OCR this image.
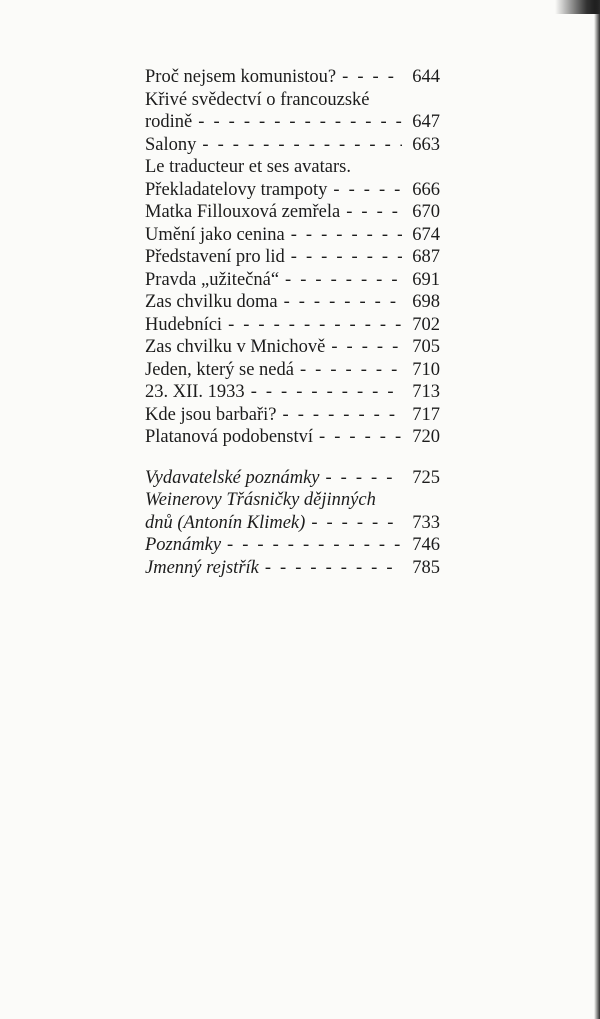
Proč nejsem komunistou? - - -	644
Křivé svědectví o francouzské
rodině - - -	647
Salony - - -	663
Le traducteur et ses avatars.
Překladatelovy trampoty - - -	666
Matka Fillouxová zemřela - - -	670
Umění jako cenina - - -	674
Představení pro lid - - -	687
Pravda „užitečná“ - - -	691
Zas chvilku doma - - -	698
Hudebníci - - -	702
Zas chvilku v Mnichově - - -	705
Jeden, který se nedá - - -	710
23. XII. 1933 - - -	713
Kde jsou barbaři? - - -	717
Platanová podobenství - - -	720
Vydavatelské poznámky - - -	725
Weinerovy Třásničky dějinných
dnů (Antonín Klimek) - - -	733
Poznámky - - -	746
Jmenný rejstřík - - -	785
